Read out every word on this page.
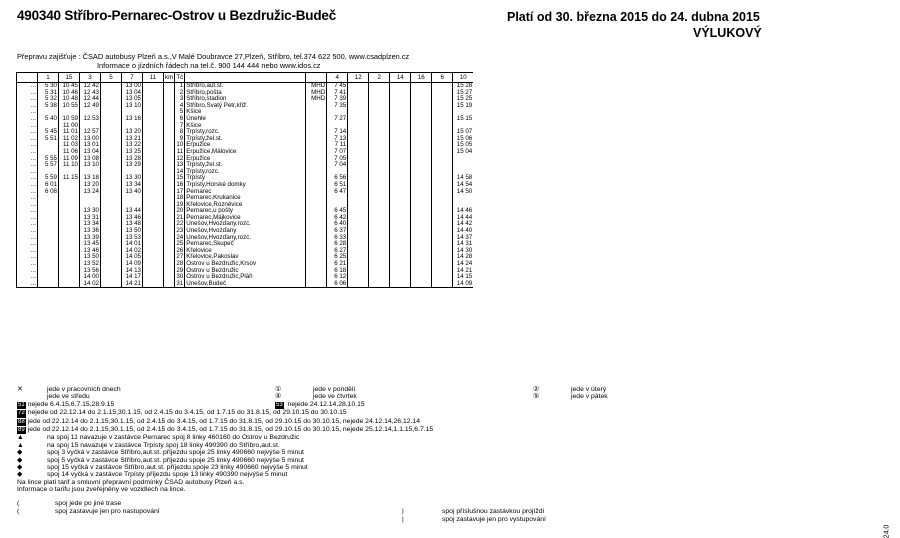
490340 Stříbro-Pernarec-Ostrov u Bezdružic-Budeč	Platí od 30. března 2015 do 24. dubna 2015
VÝLUKOVÝ
Přepravu zajišťuje : ČSAD autobusy Plzeň a.s.,V Malé Doubravce 27,Plzeň, Stříbro, tel.374 622 500, www.csadplzen.cz
Informace o jízdních řádech na tel.č. 900 144 444 nebo www.idos.cz
	1	15	3	5	7	11	km	Tč			4	12	2	14	16	6	10
...	5 30	10 45	12 42		13 00			1	Stříbro,aut.st.	MHD	7 45						15 28
...	5 31	10 46	12 43		13 04			2	Stříbro,pošta	MHD	7 41						15 27
...	5 32	10 48	12 44		13 05			3	Stříbro,stadion	MHD	7 39						15 25
...	5 38	10 55	12 49		13 10			4	Stříbro,Svatý Petr,křiž.		7 35						15 19
...								5	Kšice								
...	5 40	10 59	12 53		13 16			6	Únehle		7 27						15 15
...		11 00						7	Kšice								
...	5 45	11 01	12 57		13 20			8	Trpísty,rozc.		7 14						15 07
...	5 51	11 02	13 00		13 21			9	Trpísty,žel.st.		7 13						15 06
...		11 03	13 01		13 22			10	Erpužice		7 11						15 05
...		11 06	13 04		13 25			11	Erpužice,Málovice		7 07						15 04
...	5 55	11 09	13 08		13 28			12	Erpužice		7 05						
...	5 57	11 10	13 10		13 29			13	Trpísty,žel.st.		7 04						
...								14	Trpísty,rozc.								
...	5 59	11 15	13 18		13 30			15	Trpísty		6 56						14 58
...	6 01		13 20		13 34			16	Trpísty,Horské domky		6 51						14 54
...	6 08		13 24		13 40			17	Pernarec		6 47						14 50
...								18	Pernarec,Krukanice								
...								19	Křelovice,Rozněvice								
...			13 30		13 44			20	Pernarec,u pošty		6 45						14 46
...			13 31		13 46			21	Pernarec,Májkovice		6 42						14 44
...			13 34		13 48			22	Unešov,Hvozďany,rozc.		6 40						14 42
...			13 36		13 50			23	Unešov,Hvozďany		6 37						14 40
...			13 39		13 53			24	Unešov,Hvozďany,rozc.		6 33						14 37
...			13 45		14 01			25	Pernarec,Skupeč		6 28						14 31
...			13 46		14 02			26	Křelovice		6 27						14 30
...			13 50		14 05			27	Křelovice,Pakoslav		6 25						14 28
...			13 52		14 09			28	Ostrov u Bezdružic,Krsov		6 21						14 24
...			13 56		14 13			29	Ostrov u Bezdružic		6 18						14 21
...			14 00		14 17			30	Ostrov u Bezdružic,Pláň		6 12						14 15
...			14 02		14 21			31	Unešov,Budeč		6 06						14 09
✕	jede v pracovních dnech
jede ve středu
51 nejede 6.4.15,6.7.15,28.9.15
72 nejede od 22.12.14 do 2.1.15,30.1.15, od 2.4.15 do 3.4.15, od 1.7.15 do 31.8.15, od 29.10.15 do 30.10.15
88 jede od 22.12.14 do 2.1.15,30.1.15, od 2.4.15 do 3.4.15, od 1.7.15 do 31.8.15, od 29.10.15 do 30.10.15, nejede 24.12.14,26.12.14
89 jede od 22.12.14 do 2.1.15,30.1.15, od 2.4.15 do 3.4.15, od 1.7.15 do 31.8.15, od 29.10.15 do 30.10.15, nejede 25.12.14,1.1.15,6.7.15
▲	na spoj 11 navazuje v zastávce Pernarec spoj 8 linky 460160 do Ostrov u Bezdružic
▲	na spoj 15 navazuje v zastávce Trpísty spoj 18 linky 490390 do Stříbro,aut.st.
◆	spoj 3 vyčká v zastávce Stříbro,aut.st. příjezdu spoje 25 linky 490660 nejvýše 5 minut
◆	spoj 5 vyčká v zastávce Stříbro,aut.st. příjezdu spoje 25 linky 490660 nejvýše 5 minut
◆	spoj 15 vyčká v zastávce Stříbro,aut.st. příjezdu spoje 23 linky 490660 nejvýše 5 minut
◆	spoj 14 vyčká v zastávce Trpísty příjezdu spoje 13 linky 490390 nejvýše 5 minut
Na lince platí tarif a smluvní přepravní podmínky ČSAD autobusy Plzeň a.s.
Informace o tarifu jsou zveřejněny ve vozidlech na lince.
①	jede v pondělí
④	jede ve čtvrtek
53 nejede 24.12.14,28.10.15
②	jede v úterý
⑤	jede v pátek
(	spoj jede po jiné trase
(	spoj zastavuje jen pro nastupování	|	spoj příslušnou zastávkou projíždí
|	spoj zastavuje jen pro vystupování
24.0
